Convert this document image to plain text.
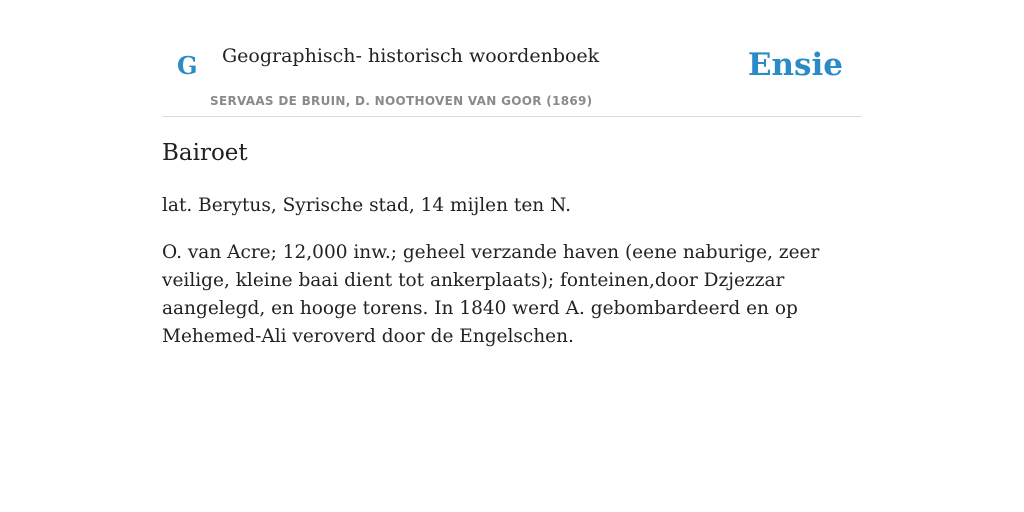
G Geographisch- historisch woordenboek
SERVAAS DE BRUIN, D. NOOTHOVEN VAN GOOR (1869)
Ensie
Bairoet

lat. Berytus, Syrische stad, 14 mijlen ten N.

O. van Acre; 12,000 inw.; geheel verzande haven (eene naburige, zeer veilige, kleine baai dient tot ankerplaats); fonteinen,door Dzjezzar aangelegd, en hooge torens. In 1840 werd A. gebombardeerd en op Mehemed-Ali veroverd door de Engelschen.
